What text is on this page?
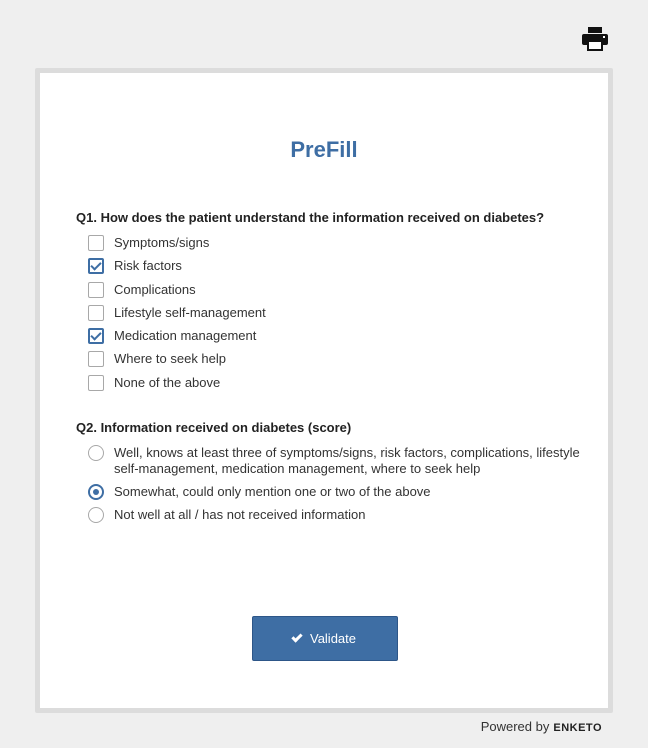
PreFill

Q1. How does the patient understand the information received on diabetes?

Symptoms/signs
Risk factors
Complications
Lifestyle self-management
Medication management
Where to seek help
None of the above

Q2. Information received on diabetes (score)

Well, knows at least three of symptoms/signs, risk factors, complications, lifestyle self-management, medication management, where to seek help
Somewhat, could only mention one or two of the above
Not well at all / has not received information
Validate
Powered by ENKETO
